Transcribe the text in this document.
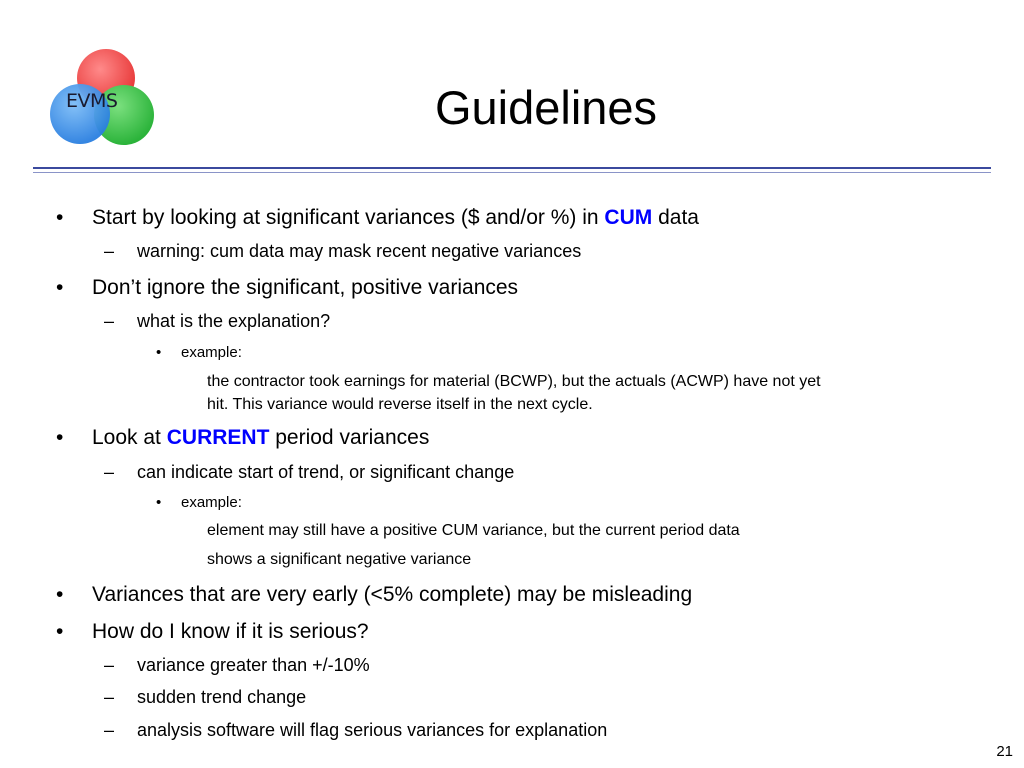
EVMS	Guidelines
• Start by looking at significant variances ($ and/or %) in CUM data
– warning: cum data may mask recent negative variances
• Don’t ignore the significant, positive variances
– what is the explanation?
• example:
the contractor took earnings for material (BCWP), but the actuals (ACWP) have not yet
hit. This variance would reverse itself in the next cycle.
• Look at CURRENT period variances
– can indicate start of trend, or significant change
• example:
element may still have a positive CUM variance, but the current period data
shows a significant negative variance
• Variances that are very early (<5% complete) may be misleading
• How do I know if it is serious?
– variance greater than +/-10%
– sudden trend change
– analysis software will flag serious variances for explanation
21
